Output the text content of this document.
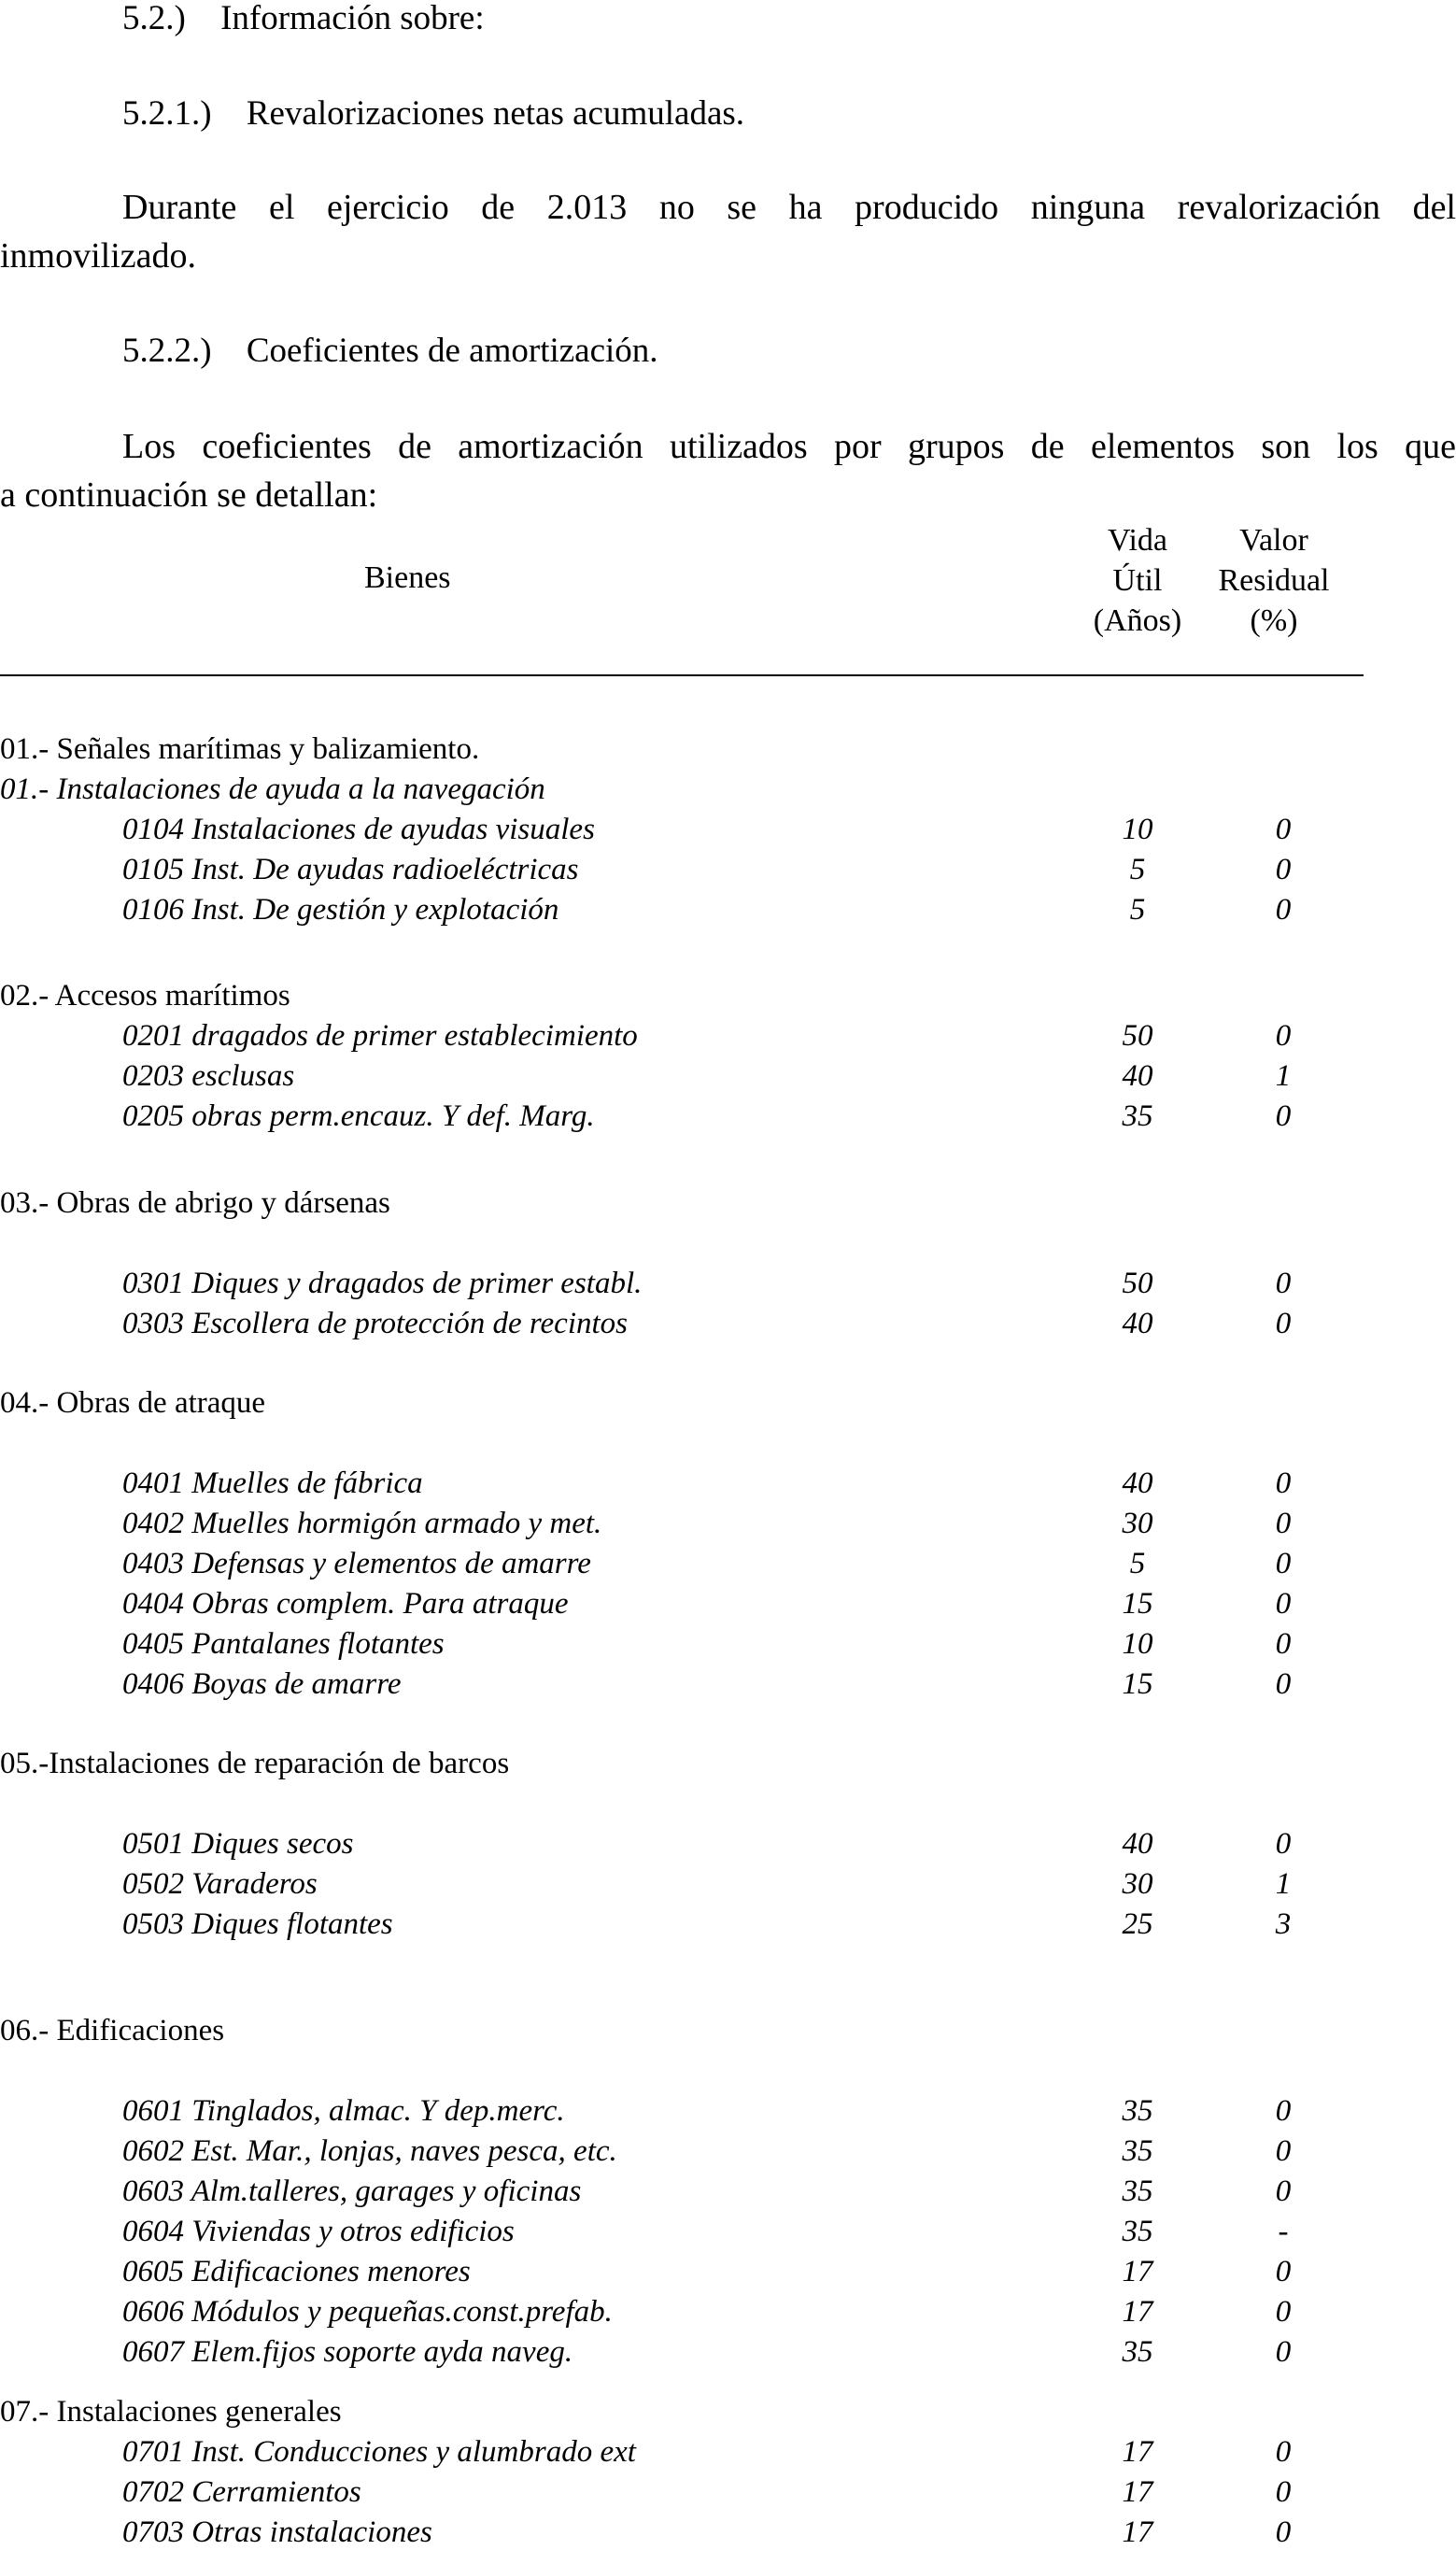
5.2.) Información sobre:
5.2.1.) Revalorizaciones netas acumuladas.
Durante el ejercicio de 2.013 no se ha producido ninguna revalorización del
inmovilizado.
5.2.2.) Coeficientes de amortización.
Los coeficientes de amortización utilizados por grupos de elementos son los que
a continuación se detallan:
Bienes
Vida
Útil
(Años)
Valor
Residual
(%)
01.- Señales marítimas y balizamiento.
01.- Instalaciones de ayuda a la navegación
0104 Instalaciones de ayudas visuales	10	0
0105 Inst. De ayudas radioeléctricas	5	0
0106 Inst. De gestión y explotación	5	0
02.- Accesos marítimos
0201 dragados de primer establecimiento	50	0
0203 esclusas	40	1
0205 obras perm.encauz. Y def. Marg.	35	0
03.- Obras de abrigo y dársenas
0301 Diques y dragados de primer establ.	50	0
0303 Escollera de protección de recintos	40	0
04.- Obras de atraque
0401 Muelles de fábrica	40	0
0402 Muelles hormigón armado y met.	30	0
0403 Defensas y elementos de amarre	5	0
0404 Obras complem. Para atraque	15	0
0405 Pantalanes flotantes	10	0
0406 Boyas de amarre	15	0
05.-Instalaciones de reparación de barcos
0501 Diques secos	40	0
0502 Varaderos	30	1
0503 Diques flotantes	25	3
06.- Edificaciones
0601 Tinglados, almac. Y dep.merc.	35	0
0602 Est. Mar., lonjas, naves pesca, etc.	35	0
0603 Alm.talleres, garages y oficinas	35	0
0604 Viviendas y otros edificios	35	-
0605 Edificaciones menores	17	0
0606 Módulos y pequeñas.const.prefab.	17	0
0607 Elem.fijos soporte ayda naveg.	35	0
07.- Instalaciones generales
0701 Inst. Conducciones y alumbrado ext	17	0
0702 Cerramientos	17	0
0703 Otras instalaciones	17	0
